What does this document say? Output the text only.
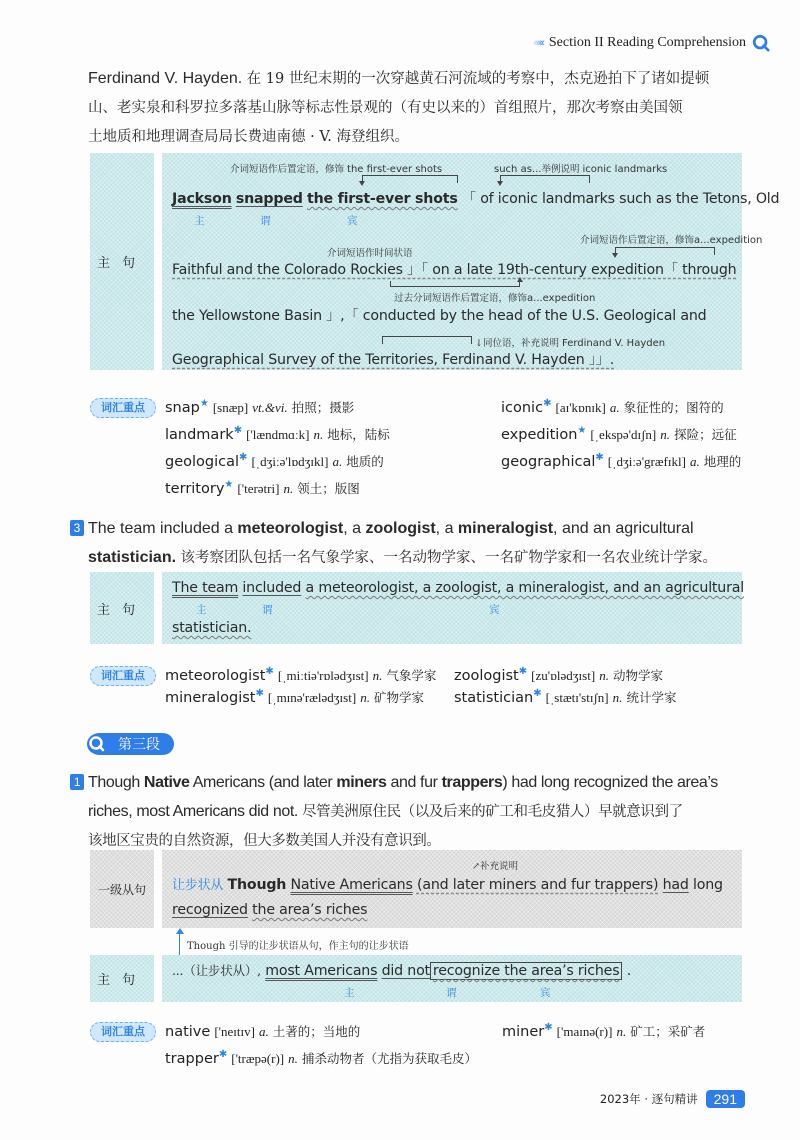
‹‹‹‹‹‹ Section II Reading Comprehension
Ferdinand V. Hayden. 在 19 世纪末期的一次穿越黄石河流域的考察中，杰克逊拍下了诸如提顿
山、老实泉和科罗拉多落基山脉等标志性景观的（有史以来的）首组照片，那次考察由美国领
土地质和地理调查局局长费迪南德 · V. 海登组织。
主句
介词短语作后置定语，修饰 the first-ever shots	such as...举例说明 iconic landmarks
Jackson snapped the first-ever shots 「 of iconic landmarks such as the Tetons, Old
主	谓	宾
介词短语作后置定语，修饰a...expedition
介词短语作时间状语
Faithful and the Colorado Rockies 」「 on a late 19th-century expedition「 through
过去分词短语作后置定语，修饰a...expedition
the Yellowstone Basin 」,「 conducted by the head of the U.S. Geological and
↓同位语，补充说明 Ferdinand V. Hayden
Geographical Survey of the Territories, Ferdinand V. Hayden 」」.
词汇重点	snap★ [snæp] vt.&vi. 拍照；摄影	iconic✱ [aɪ'kɒnɪk] a. 象征性的；图符的
landmark✱ ['lændmɑːk] n. 地标，陆标	expedition★ [ˌekspə'dɪʃn] n. 探险；远征
geological✱ [ˌdʒiːə'lɒdʒɪkl] a. 地质的	geographical✱ [ˌdʒiːə'græfɪkl] a. 地理的
territory★ ['terətri] n. 领土；版图
3 The team included a meteorologist, a zoologist, a mineralogist, and an agricultural
statistician. 该考察团队包括一名气象学家、一名动物学家、一名矿物学家和一名农业统计学家。
主句
The team included a meteorologist, a zoologist, a mineralogist, and an agricultural
主	谓	宾
statistician.
词汇重点	meteorologist✱ [ˌmiːtiə'rɒlədʒɪst] n. 气象学家 zoologist✱ [zu'ɒlədʒɪst] n. 动物学家
mineralogist✱ [ˌmɪnə'rælədʒɪst] n. 矿物学家 statistician✱ [ˌstætɪ'stɪʃn] n. 统计学家
第三段
1 Though Native Americans (and later miners and fur trappers) had long recognized the area’s
riches, most Americans did not. 尽管美洲原住民（以及后来的矿工和毛皮猎人）早就意识到了
该地区宝贵的自然资源，但大多数美国人并没有意识到。
一级从句
↗补充说明
让步状从 Though Native Americans (and later miners and fur trappers) had long
recognized the area’s riches
Though 引导的让步状语从句，作主句的让步状语
主句
...（让步状从）, most Americans did not recognize the area’s riches .
主	谓	宾
词汇重点	native ['neɪtɪv] a. 土著的；当地的	miner✱ ['maɪnə(r)] n. 矿工；采矿者
trapper✱ ['træpə(r)] n. 捕杀动物者（尤指为获取毛皮）
2023年 · 逐句精讲	291
